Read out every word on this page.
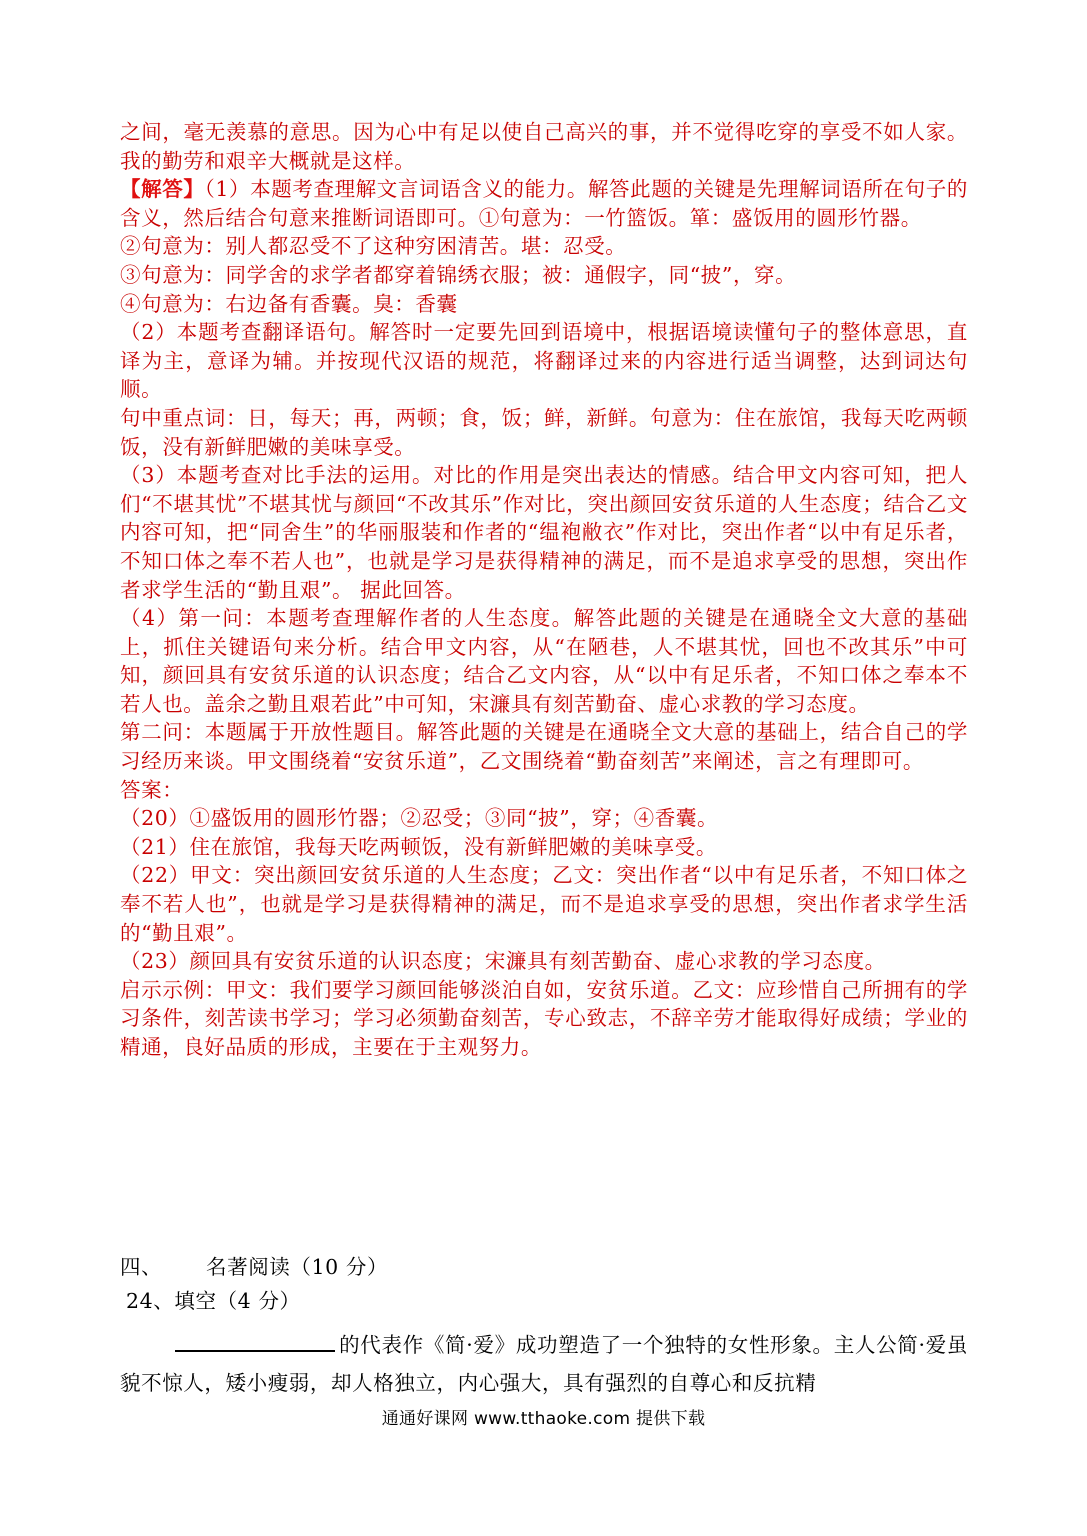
之间，毫无羡慕的意思。因为心中有足以使自己高兴的事，并不觉得吃穿的享受不如人家。我的勤劳和艰辛大概就是这样。

【解答】（1）本题考查理解文言词语含义的能力。解答此题的关键是先理解词语所在句子的含义，然后结合句意来推断词语即可。①句意为：一竹篮饭。箪：盛饭用的圆形竹器。

②句意为：别人都忍受不了这种穷困清苦。堪：忍受。

③句意为：同学舍的求学者都穿着锦绣衣服；被：通假字，同“披”，穿。

④句意为：右边备有香囊。臭：香囊

（2）本题考查翻译语句。解答时一定要先回到语境中，根据语境读懂句子的整体意思，直译为主，意译为辅。并按现代汉语的规范，将翻译过来的内容进行适当调整，达到词达句顺。

句中重点词：日，每天；再，两顿；食，饭；鲜，新鲜。句意为：住在旅馆，我每天吃两顿饭，没有新鲜肥嫩的美味享受。

（3）本题考查对比手法的运用。对比的作用是突出表达的情感。结合甲文内容可知，把人们“不堪其忧”不堪其忧与颜回“不改其乐”作对比，突出颜回安贫乐道的人生态度；结合乙文内容可知，把“同舍生”的华丽服装和作者的“缊袍敝衣”作对比，突出作者“以中有足乐者，不知口体之奉不若人也”，也就是学习是获得精神的满足，而不是追求享受的思想，突出作者求学生活的“勤且艰”。 据此回答。

（4）第一问：本题考查理解作者的人生态度。解答此题的关键是在通晓全文大意的基础上，抓住关键语句来分析。结合甲文内容，从“在陋巷，人不堪其忧，回也不改其乐”中可知，颜回具有安贫乐道的认识态度；结合乙文内容，从“以中有足乐者，不知口体之奉本不若人也。盖余之勤且艰若此”中可知，宋濂具有刻苦勤奋、虚心求教的学习态度。

第二问：本题属于开放性题目。解答此题的关键是在通晓全文大意的基础上，结合自己的学习经历来谈。甲文围绕着“安贫乐道”，乙文围绕着“勤奋刻苦”来阐述，言之有理即可。

答案：

（20）①盛饭用的圆形竹器；②忍受；③同“披”，穿；④香囊。

（21）住在旅馆，我每天吃两顿饭，没有新鲜肥嫩的美味享受。

（22）甲文：突出颜回安贫乐道的人生态度；乙文：突出作者“以中有足乐者，不知口体之奉不若人也”，也就是学习是获得精神的满足，而不是追求享受的思想，突出作者求学生活的“勤且艰”。

（23）颜回具有安贫乐道的认识态度；宋濂具有刻苦勤奋、虚心求教的学习态度。

启示示例：甲文：我们要学习颜回能够淡泊自如，安贫乐道。乙文：应珍惜自己所拥有的学习条件，刻苦读书学习；学习必须勤奋刻苦，专心致志，不辞辛劳才能取得好成绩；学业的精通，良好品质的形成，主要在于主观努力。

四、 名著阅读（10 分）

24、填空（4 分）

的代表作《简·爱》成功塑造了一个独特的女性形象。主人公简·爱虽貌不惊人，矮小瘦弱，却人格独立，内心强大，具有强烈的自尊心和反抗精

通通好课网 www.tthaoke.com 提供下载
